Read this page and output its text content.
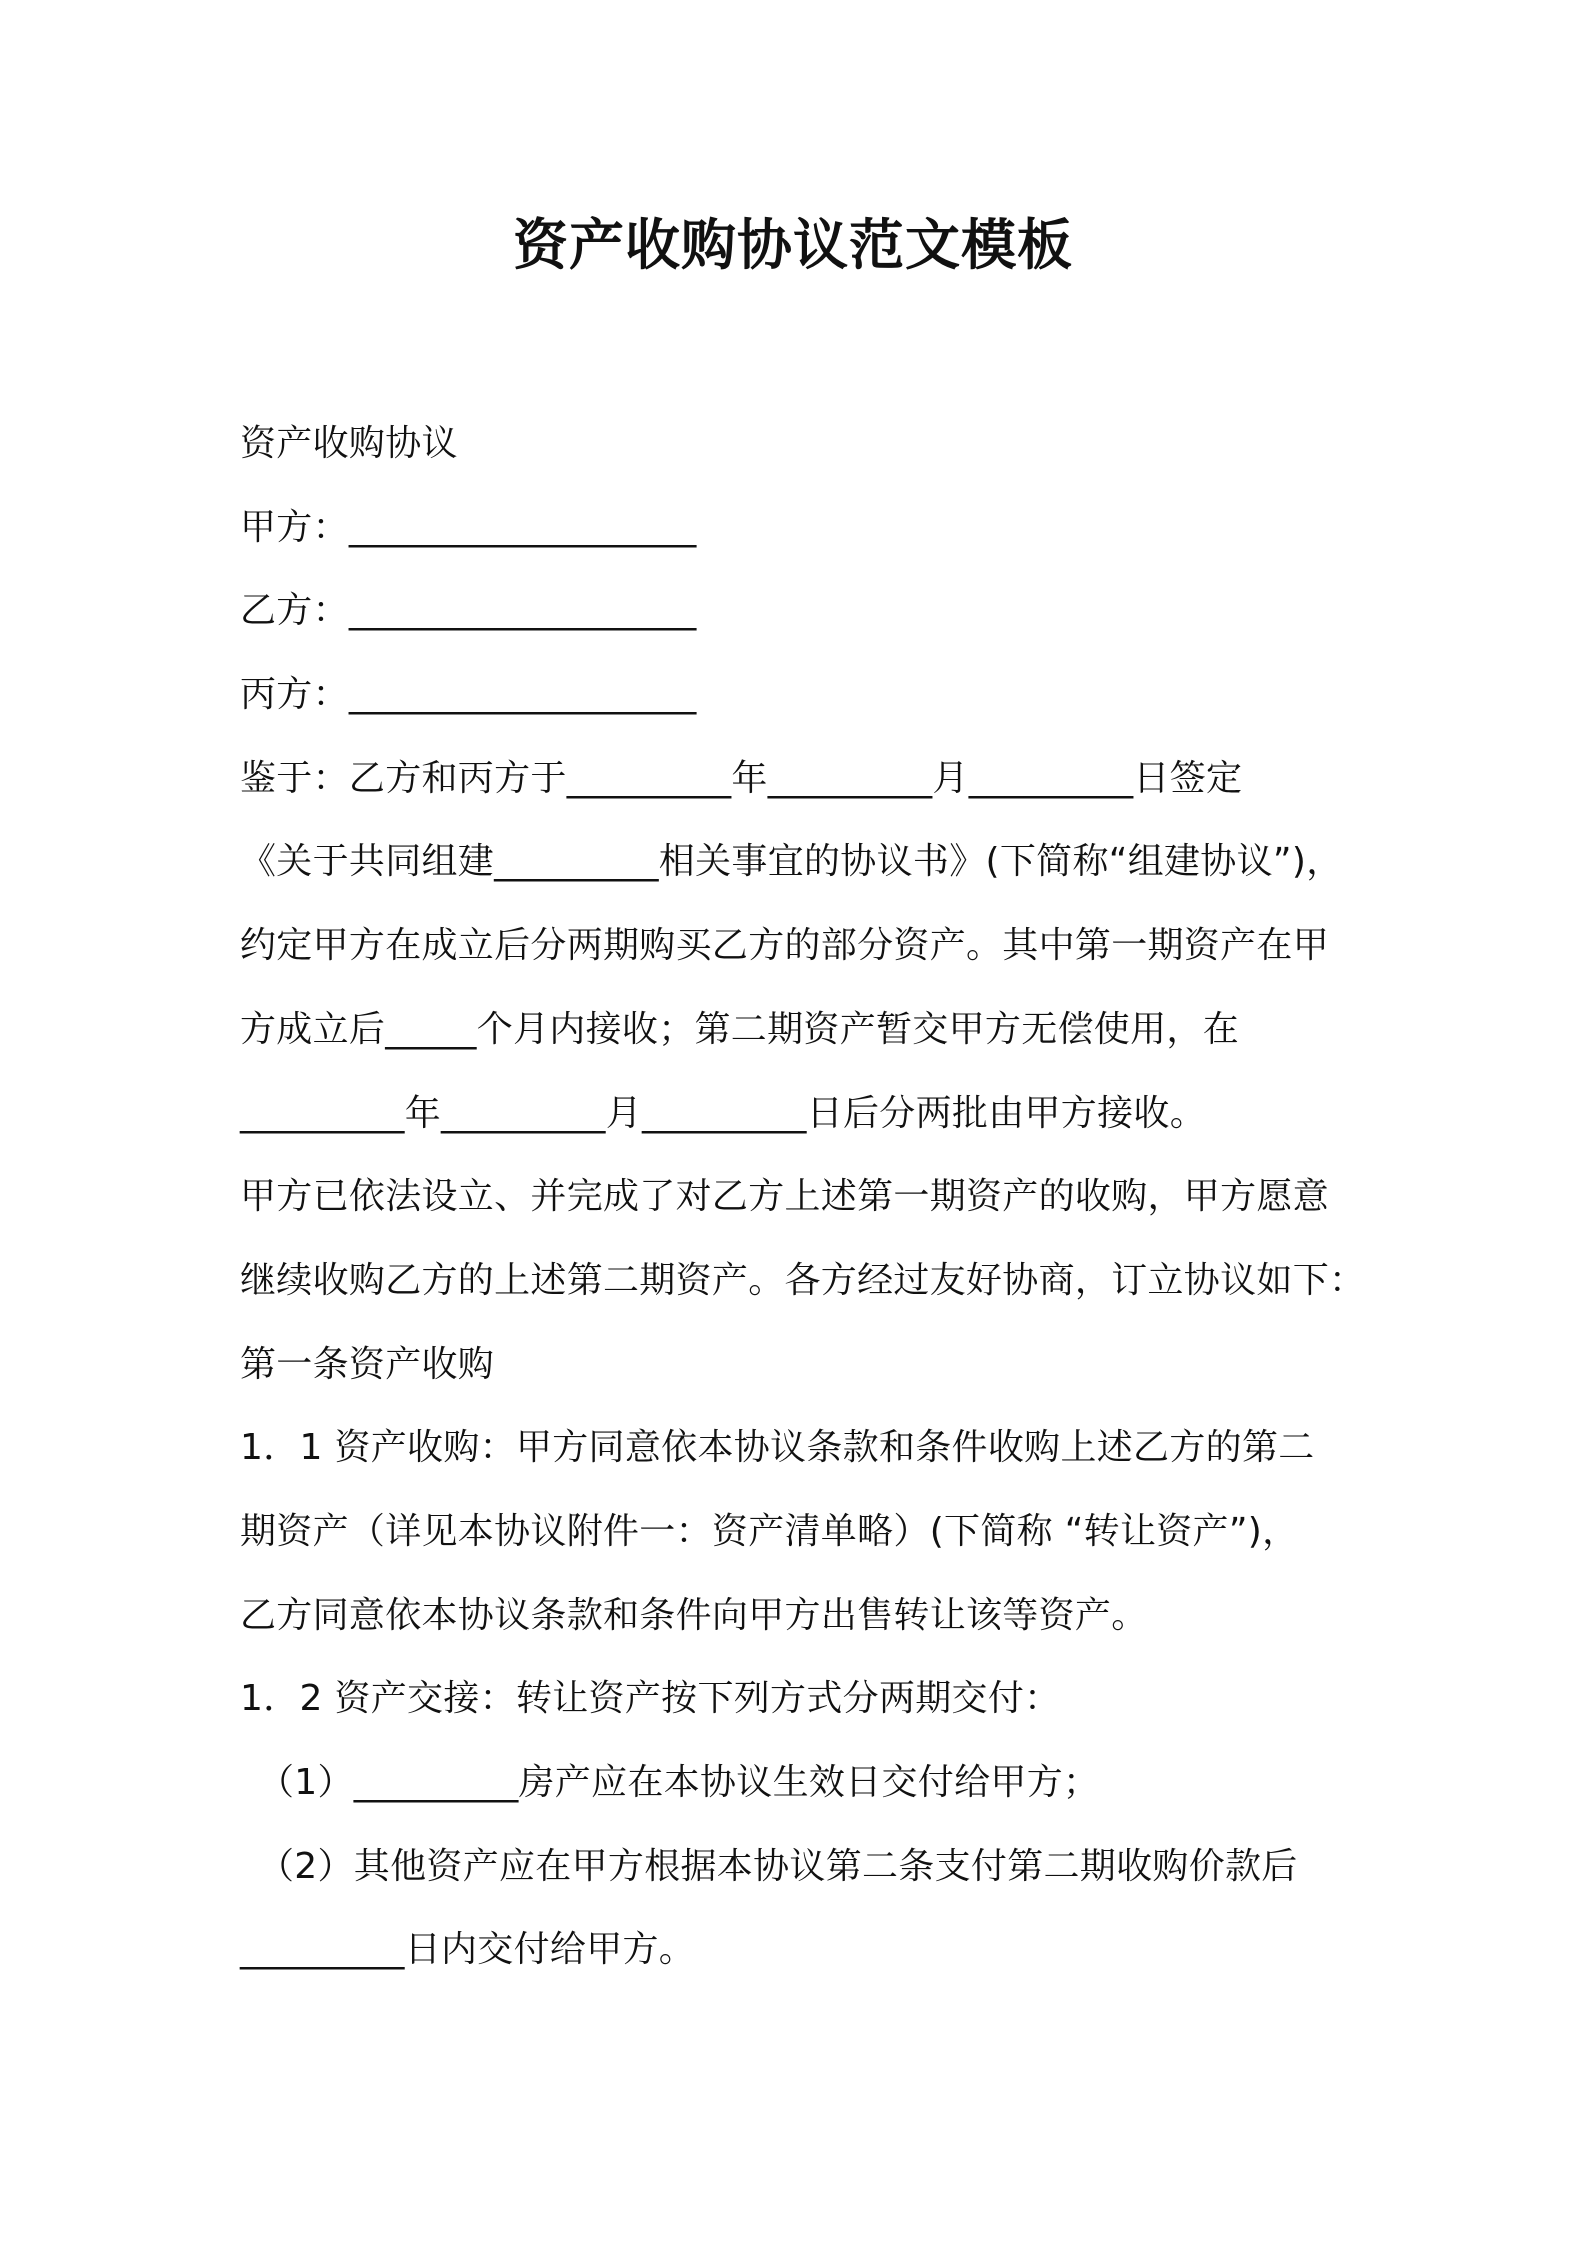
资产收购协议范文模板
资产收购协议
甲方：___________________
乙方：___________________
丙方：___________________
鉴于：乙方和丙方于_________年_________月_________日签定
《关于共同组建_________相关事宜的协议书》(下简称“组建协议”)，
约定甲方在成立后分两期购买乙方的部分资产。其中第一期资产在甲
方成立后_____个月内接收；第二期资产暂交甲方无偿使用，在
_________年_________月_________日后分两批由甲方接收。
甲方已依法设立、并完成了对乙方上述第一期资产的收购，甲方愿意
继续收购乙方的上述第二期资产。各方经过友好协商，订立协议如下：
第一条资产收购
1．1 资产收购：甲方同意依本协议条款和条件收购上述乙方的第二
期资产（详见本协议附件一：资产清单略）(下简称 “转让资产”)，
乙方同意依本协议条款和条件向甲方出售转让该等资产。
1．2 资产交接：转让资产按下列方式分两期交付：
（1）_________房产应在本协议生效日交付给甲方；
（2）其他资产应在甲方根据本协议第二条支付第二期收购价款后
_________日内交付给甲方。
